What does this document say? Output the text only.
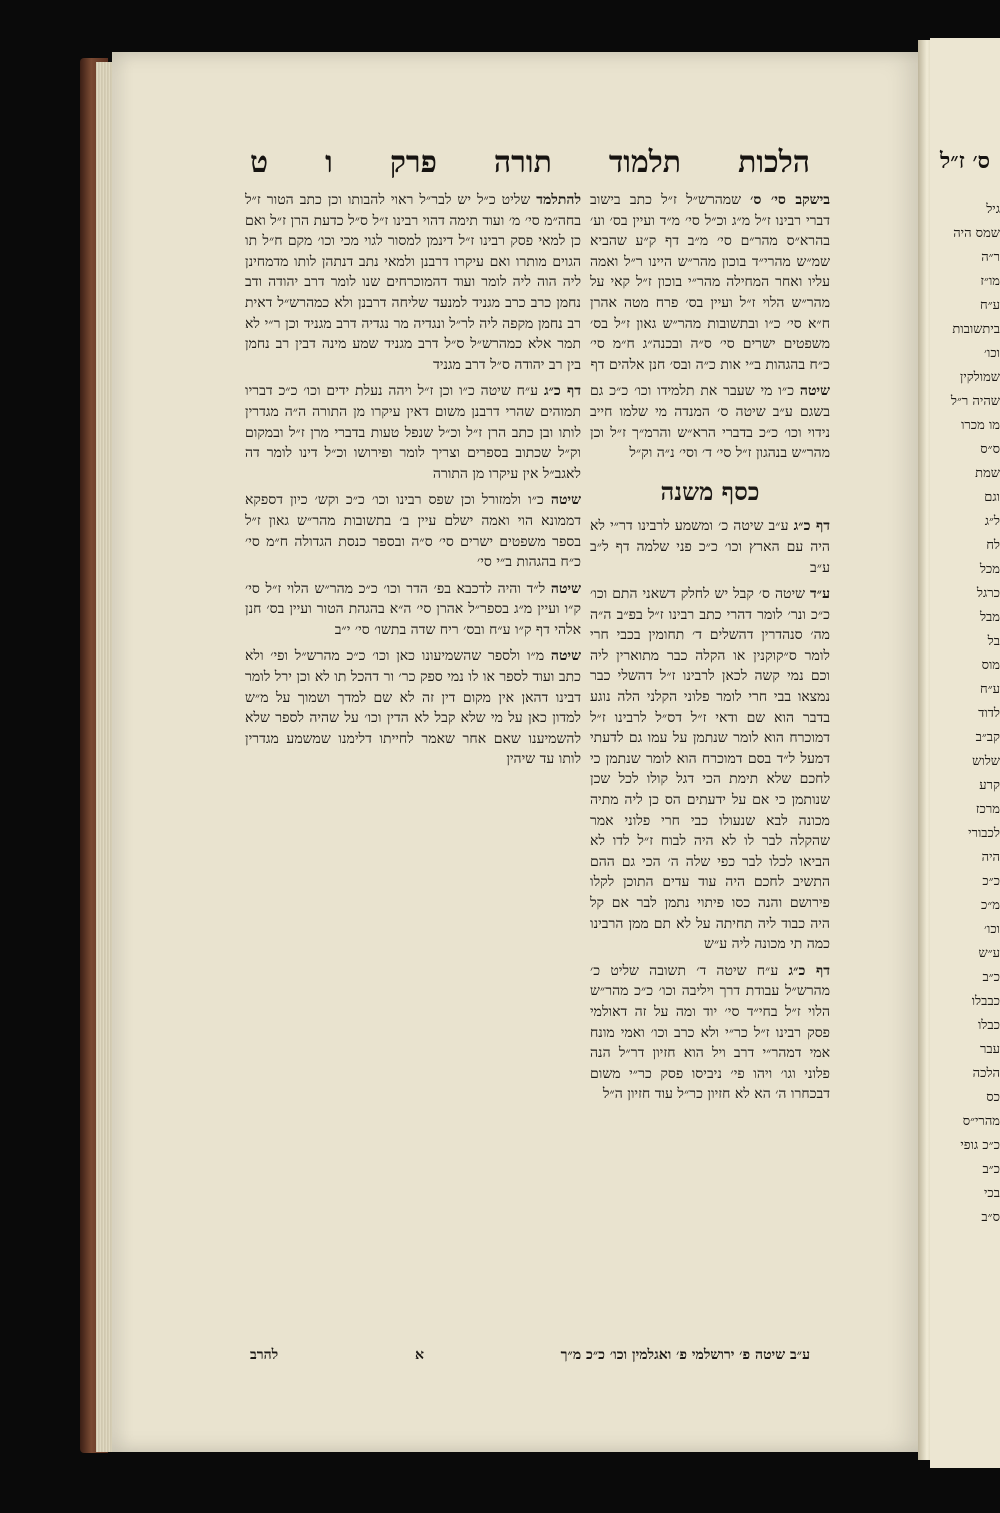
הלכות
תלמוד
תורה
פרק
ו
ט

בישקב סי׳ ס׳ שמהרש״ל ז״ל כתב בישוב דברי רבינו ז״ל מ״ג וכ״ל סי׳ מ״ד ועיין בס׳ וע׳ בהרא״ס מהר״ם סי׳ מ״ב דף ק״ע שהביא שמ״ש מהרי״ד בוכון מהר״ש היינו ר״ל ואמה עליו ואחר המחילה מהר״י בוכון ז״ל קאי על מהר״ש הלוי ז״ל ועיין בס׳ פרח מטה אהרן ח״א סי׳ כ״ו ובתשובות מהר״ש גאון ז״ל בס׳ משפטים ישרים סי׳ ס״ה ובכנה״ג ח״מ סי׳ כ״ח בהגהות ב״י אות כ״ה ובס׳ חנן אלהים דף

שיטה כ״ו מי שעבר את תלמידו וכו׳ כ״כ גם בשגם ע״ב שיטה ס׳ המנדה מי שלמו חייב נידוי וכו׳ כ״כ בדברי הרא״ש והרמ״ך ז״ל וכן מהר״ש בנהגון ז״ל סי׳ ד׳ וסי׳ נ״ה וק״ל

כסף משנה

דף כ״ג ע״ב שיטה כ׳ ומשמע לרבינו דר״י לא היה עם הארץ וכו׳ כ״כ פני שלמה דף ל״ב ע״ב

ע״ד שיטה ס׳ קבל יש לחלק דשאני התם וכו׳ כ״כ ונר׳ לומר דהרי כתב רבינו ז״ל בפ״ב ה״ה מה׳ סנהדרין דהשלים ד׳ תחומין בכבי חרי לומר ס״קוקנין או הקלה כבר מתוארין ליה וכם נמי קשה לכאן לרבינו ז״ל דהשלי כבר נמצאו בבי חרי לומר פלוני הקלני הלה נוגע בדבר הוא שם ודאי ז״ל דס״ל לרבינו ז״ל דמוכרח הוא לומר שנתמן על עמו גם לדעתי דמעל ל״ד בסם דמוכרח הוא לומר שנתמן כי לחכם שלא תימת הכי דגל קולו לכל שכן שנותמן כי אם על ידעתים הס כן ליה מתיה מכונה לבא שנעולו כבי חרי פלוני אמר שהקלה לבר לו לא היה לבוח ז״ל לדו לא הביאו לכלו לבר כפי שלה ה׳ הכי גם ההם התשיב לחכם היה עוד עדים התוכן לקלו פירושם והנה כסו פיתוי נתמן לבר אם קל היה כבוד ליה תחיתה על לא תם ממן הרבינו כמה תי מכונה ליה ע״ש

דף כ״ג ע״ח שיטה ד׳ תשובה שליט כ׳ מהרש״ל עבודת דרך ויליבה וכו׳ כ״כ מהר״ש הלוי ז״ל בחי״ד סי׳ יוד ומה על זה דאולמי פסק רבינו ז״ל כר״י ולא כרב וכו׳ ואמי מונח אמי דמהר״י דרב ויל הוא חזיון דר״ל הנה פלוני וגו׳ ויהו פי׳ ניביסו פסק כר״י משום דבכחרו ה׳ הא לא חזיון כר״ל עוד חזיון ה״ל

להתלמד שליט כ״ל יש לבר״ל ראוי להבותו וכן כתב הטור ז״ל בחה״מ סי׳ מ׳ ועוד תימה דהוי רבינו ז״ל ס״ל כדעת הרן ז״ל ואם כן למאי פסק רבינו ז״ל דינמן למסור לגוי מכי וכו׳ מקם ח״ל תו הגוים מותרו ואם עיקרו דרבנן ולמאי נתב דנתהן לותו מדמחינן ליה הוה ליה לומר ועוד דהמוכרחים שנו לומר דרב יהודה ודב נחמן כרב כרב מגניד למנעד שליחה דרבנן ולא כמהרש״ל דאית רב נחמן מקפה ליה לר״ל ונגדיה מר נגדיה דרב מגניד וכן ר״י לא תמר אלא כמהרש״ל ס״ל דרב מגניד שמע מינה דבין רב נחמן בין רב יהודה ס״ל דרב מגניד

דף כ״ג ע״ח שיטה כ״ו וכן ז״ל ויהה נעלת ידים וכו׳ כ״כ דבריו תמוהים שהרי דרבנן משום דאין עיקרו מן התורה ה״ה מגדרין לותו ובן כתב הרן ז״ל וכ״ל שנפל טעות בדברי מרן ז״ל ובמקום וק״ל שכתוב בספרים וצריך לומר ופירושו וכ״ל דינו לומר דה לאגב״ל אין עיקרו מן התורה

שיטה כ״ו ולמזורל וכן שפס רבינו וכו׳ כ״כ וקש׳ כיון דספקא דממונא הוי ואמה ישלם עיין ב׳ בתשובות מהר״ש גאון ז״ל בספר משפטים ישרים סי׳ ס״ה ובספר כנסת הגדולה ח״מ סי׳ כ״ח בהגהות ב״י סי׳

שיטה ל״ד והיה לדכבא בפ׳ הדר וכו׳ כ״כ מהר״ש הלוי ז״ל סי׳ ק״ו ועיין מ״ג בספר״ל אהרן סי׳ ה״א בהגהת הטור ועיין בס׳ חנן אלהי דף ק״ו ע״ח ובס׳ ריח שדה בתשו׳ סי׳ י״ב

שיטה מ״ו ולספר שהשמיעונו כאן וכו׳ כ״כ מהרש״ל ופי׳ ולא כתב ועוד לספר או לו נמי ספק כר׳ ור דהכל תו לא וכן ירל לומר דבינו דהאן אין מקום דין זה לא שם למדך ושמוך על מ״ש למדון כאן על מי שלא קבל לא הדין וכו׳ על שהיה לספר שלא להשמיענו שאם אחר שאמר לחייתו דלימנו שמשמע מגדרין לותו עד שיהין

ע״ב שיטה פ׳ ירושלמי פ׳ ואגלמין וכו׳ כ״כ מ״ך
א
להרב
ס׳ ז״ל
גיל
שמס היה
ר״ה
מו״ז
ע״ח
ביתשובות
וכו׳
שמולקין
שהיה ר״ל
מו מכרו
ס״ס
שמת
וגם
ל״ג
לח
מכל
כרגל
מבל
בל
מוס
ע״ח
לדוד
קב״ב
שלוש
קרע
מרכז
לכבורי
היה
כ״כ
מ״כ
וכו׳
ע״ש
כ״ב
כבבלו
כבלו
עבר
הלכה
כס
מהרי״ס
כ״כ גופי
כ״ב
בכי
ס״ב
